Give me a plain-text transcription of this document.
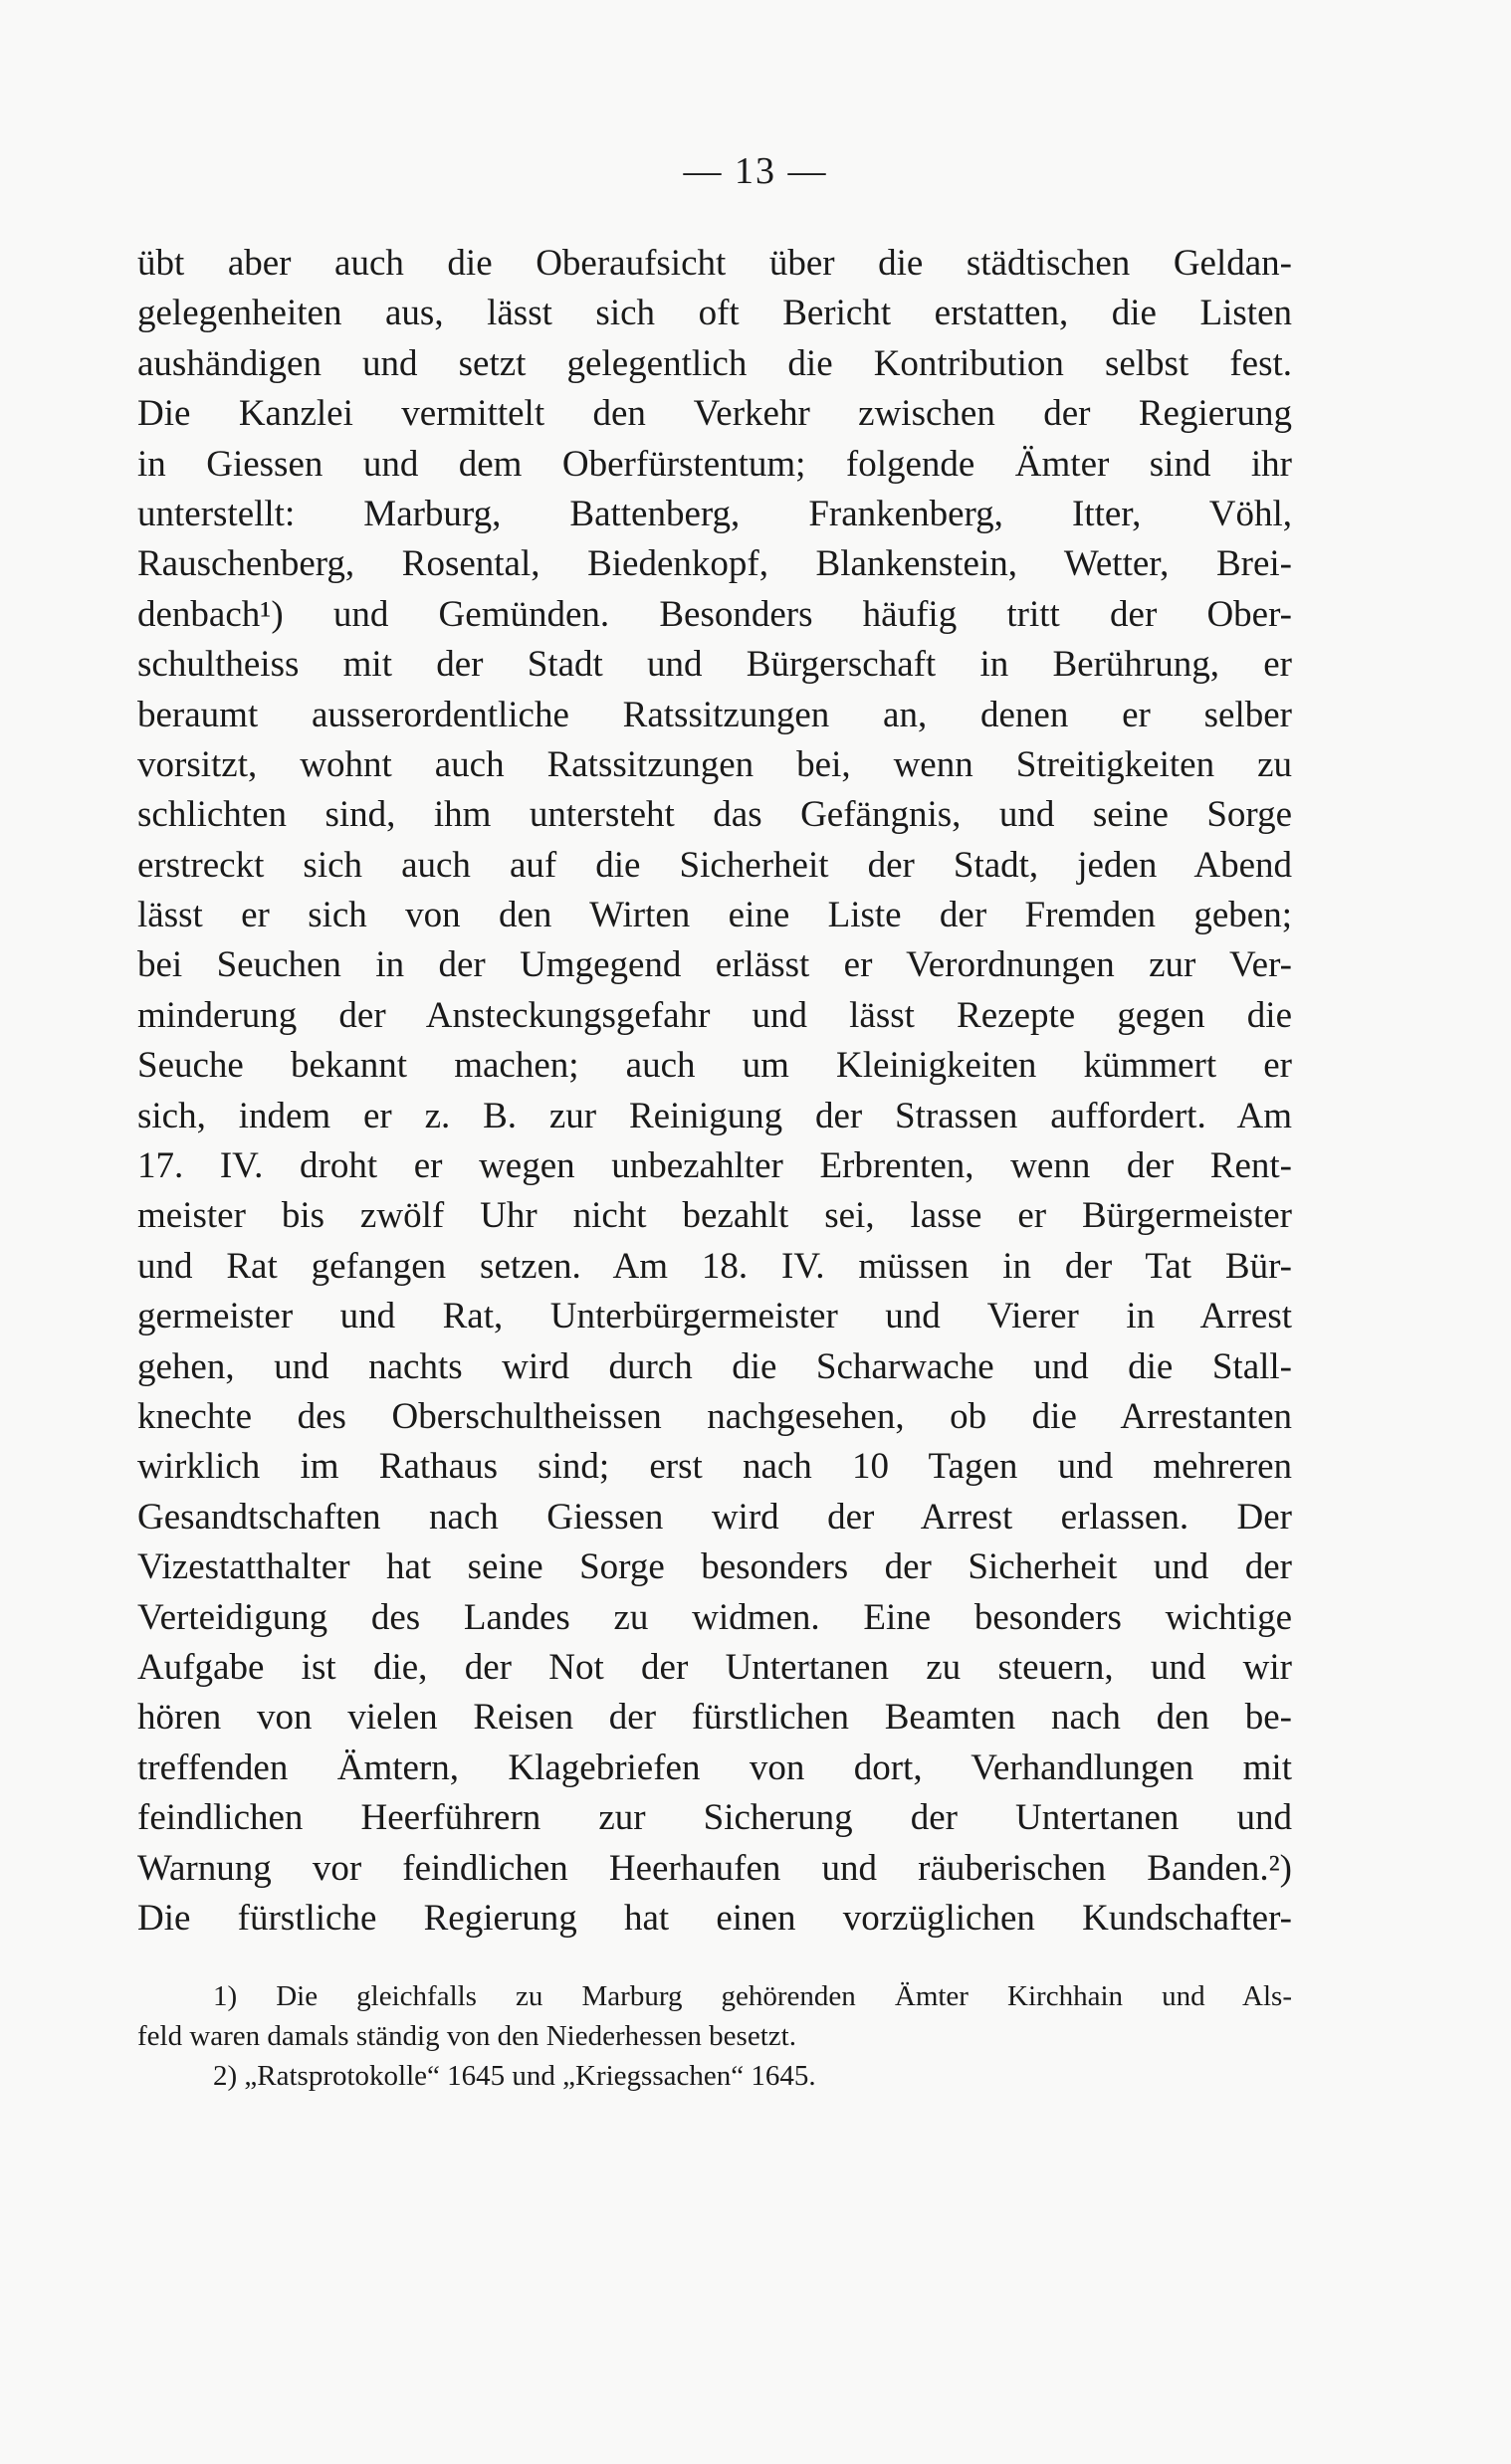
— 13 —
übt aber auch die Oberaufsicht über die städtischen Geldan-
gelegenheiten aus, lässt sich oft Bericht erstatten, die Listen
aushändigen und setzt gelegentlich die Kontribution selbst fest.
Die Kanzlei vermittelt den Verkehr zwischen der Regierung
in Giessen und dem Oberfürstentum; folgende Ämter sind ihr
unterstellt: Marburg, Battenberg, Frankenberg, Itter, Vöhl,
Rauschenberg, Rosental, Biedenkopf, Blankenstein, Wetter, Brei-
denbach¹) und Gemünden. Besonders häufig tritt der Ober-
schultheiss mit der Stadt und Bürgerschaft in Berührung, er
beraumt ausserordentliche Ratssitzungen an, denen er selber
vorsitzt, wohnt auch Ratssitzungen bei, wenn Streitigkeiten zu
schlichten sind, ihm untersteht das Gefängnis, und seine Sorge
erstreckt sich auch auf die Sicherheit der Stadt, jeden Abend
lässt er sich von den Wirten eine Liste der Fremden geben;
bei Seuchen in der Umgegend erlässt er Verordnungen zur Ver-
minderung der Ansteckungsgefahr und lässt Rezepte gegen die
Seuche bekannt machen; auch um Kleinigkeiten kümmert er
sich, indem er z. B. zur Reinigung der Strassen auffordert. Am
17. IV. droht er wegen unbezahlter Erbrenten, wenn der Rent-
meister bis zwölf Uhr nicht bezahlt sei, lasse er Bürgermeister
und Rat gefangen setzen. Am 18. IV. müssen in der Tat Bür-
germeister und Rat, Unterbürgermeister und Vierer in Arrest
gehen, und nachts wird durch die Scharwache und die Stall-
knechte des Oberschultheissen nachgesehen, ob die Arrestanten
wirklich im Rathaus sind; erst nach 10 Tagen und mehreren
Gesandtschaften nach Giessen wird der Arrest erlassen. Der
Vizestatthalter hat seine Sorge besonders der Sicherheit und der
Verteidigung des Landes zu widmen. Eine besonders wichtige
Aufgabe ist die, der Not der Untertanen zu steuern, und wir
hören von vielen Reisen der fürstlichen Beamten nach den be-
treffenden Ämtern, Klagebriefen von dort, Verhandlungen mit
feindlichen Heerführern zur Sicherung der Untertanen und
Warnung vor feindlichen Heerhaufen und räuberischen Banden.²)
Die fürstliche Regierung hat einen vorzüglichen Kundschafter-
1) Die gleichfalls zu Marburg gehörenden Ämter Kirchhain und Als-
feld waren damals ständig von den Niederhessen besetzt.
2) „Ratsprotokolle“ 1645 und „Kriegssachen“ 1645.
